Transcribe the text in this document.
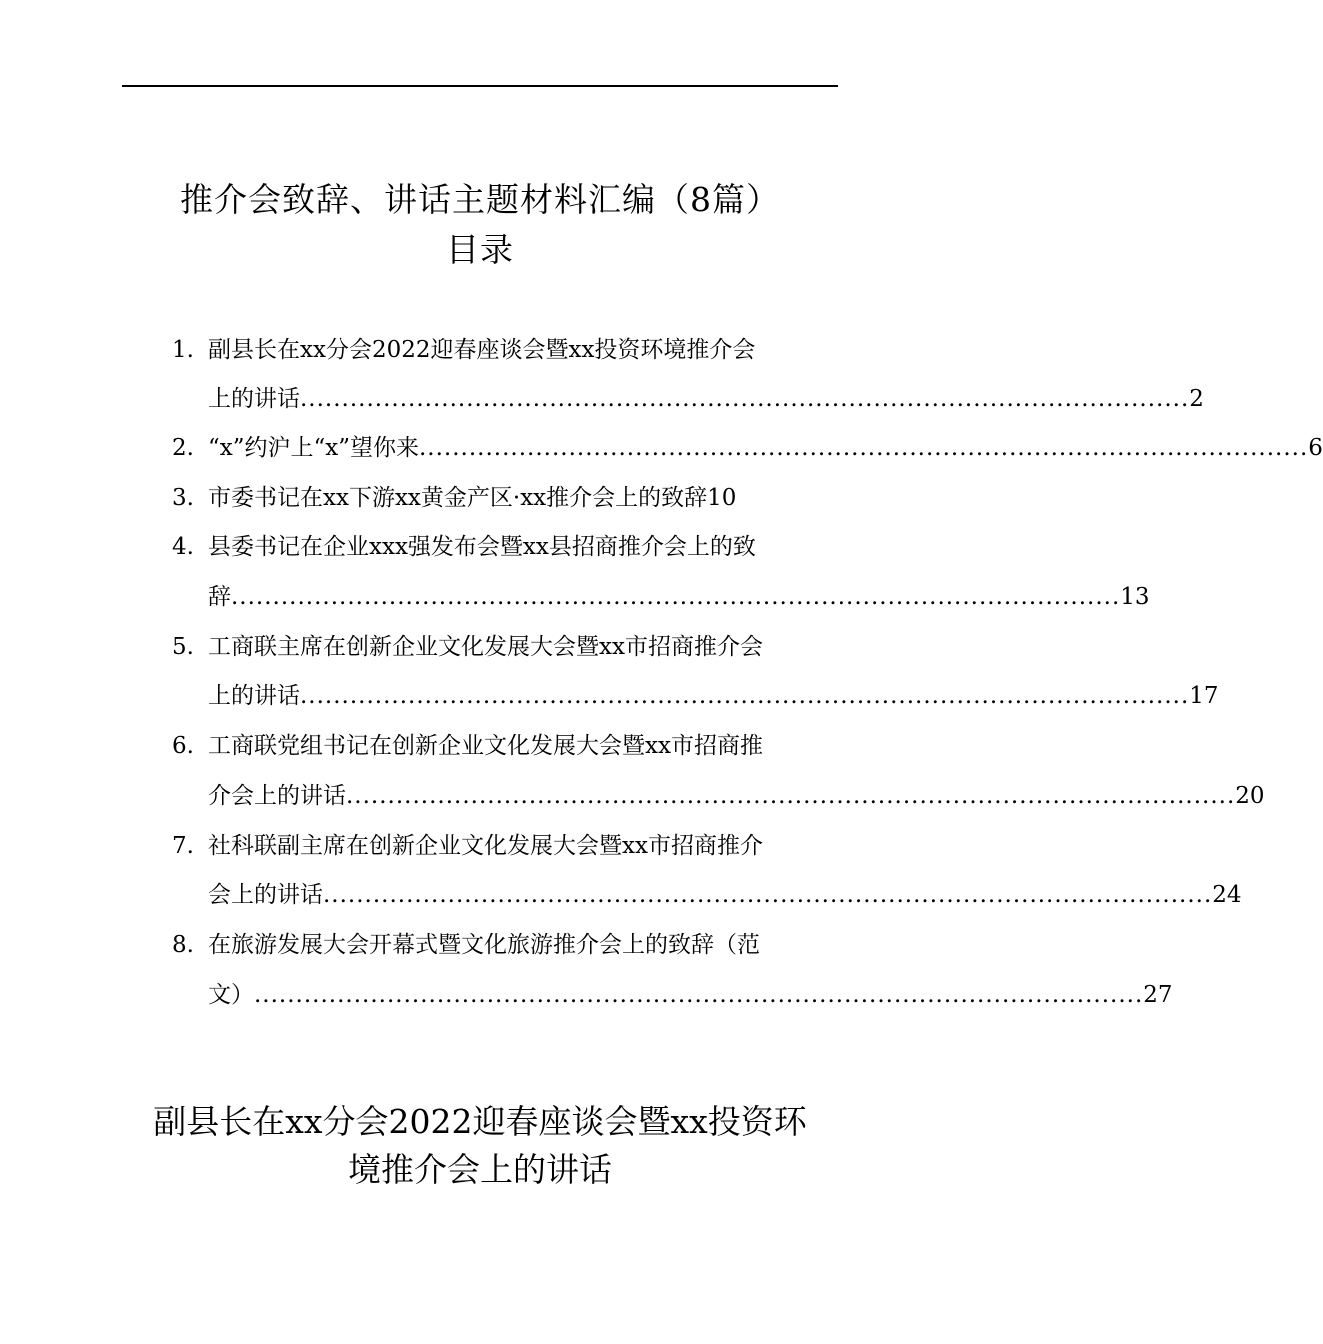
推介会致辞、讲话主题材料汇编（8篇）
目录
1. 副县长在xx分会2022迎春座谈会暨xx投资环境推介会
上的讲话 ........................................................................................................... 2
2. “x”约沪上“x”望你来 ........................................................................................................... 6
3. 市委书记在xx下游xx黄金产区·xx推介会上的致辞 10
4. 县委书记在企业xxx强发布会暨xx县招商推介会上的致
辞 ........................................................................................................... 13
5. 工商联主席在创新企业文化发展大会暨xx市招商推介会
上的讲话 ........................................................................................................... 17
6. 工商联党组书记在创新企业文化发展大会暨xx市招商推
介会上的讲话 ........................................................................................................... 20
7. 社科联副主席在创新企业文化发展大会暨xx市招商推介
会上的讲话 ........................................................................................................... 24
8. 在旅游发展大会开幕式暨文化旅游推介会上的致辞（范
文） ........................................................................................................... 27
副县长在xx分会2022迎春座谈会暨xx投资环
境推介会上的讲话
